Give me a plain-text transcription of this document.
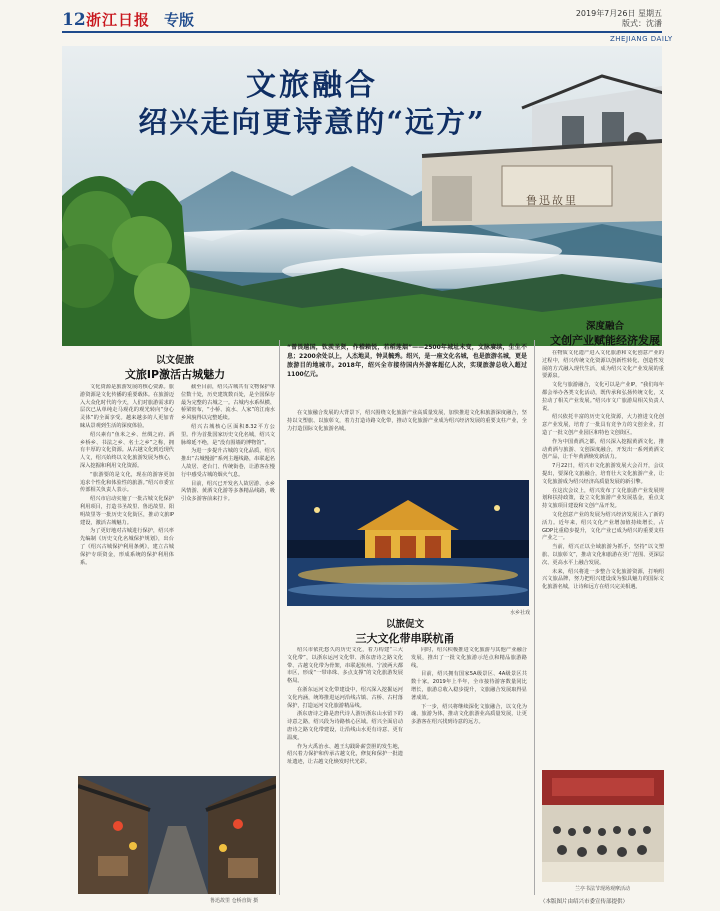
12 浙江日报 专版	2019年7月26日 星期五
版式：沈潘
ZHEJIANG DAILY
文旅融合
绍兴走向更诗意的“远方”
鲁迅故里
以文促旅
文旅IP激活古城魅力

文化资源是旅游发展的核心资源。旅游资源是文化传播的重要载体。在旅游迈入大众化时代的今天，人们对旅游需求的层次已从单纯走马观花的观光转向“身心灵体”的全面享受。越来越多的人更加青睐从景观到生活的深度体验。

绍兴素有“鱼米之乡、丝绸之府、酒乡桥乡、书法之乡、名士之乡”之称，拥有丰厚的文化资源。从古越文化到近现代人文，绍兴始终以文化旅游发展为核心，深入挖掘和利用文化资源。

“旅游要的是文化，现在的游客更加追求个性化和体验性的旅游。”绍兴市委宣传部相关负责人表示。

绍兴市启动实施了一批古城文化保护利用项目，打造书圣故里、鲁迅故里、阳明故里等一批历史文化街区，推动文旅IP建设，激活古城魅力。

为了更好地对古城进行保护，绍兴率先编制《历史文化名城保护规划》，出台了《绍兴古城保护利用条例》，建立古城保护专项资金，形成系统的保护利用体系。

截至目前，绍兴古城共有文物保护单位数十处，历史建筑数百处，是全国保存最为完整的古城之一。古城内水系纵横、桥梁密布，“小桥、流水、人家”的江南水乡风貌得以完整延续。

绍兴古城核心区面积8.32平方公里。作为首批国家历史文化名城，绍兴文脉绵延不绝，是“没有围墙的博物馆”。

为进一步提升古城的文化品质，绍兴推出“古城慢游”系列主题线路，串联起名人故居、老台门、传统街巷，让游客在慢行中感受古城的烟火气息。

目前，绍兴已开发名人故居游、水乡风情游、黄酒文化游等多条精品线路，吸引众多游客前来打卡。

鲁迅故里 仓桥直街 摄
“曾畏越国，钦羡圣贤，作稽赖悦，若稻莲烟”——2500年城址未变，文脉赓续，生生不息；2200余处以上，人杰地灵，钟灵毓秀。绍兴，是一座文化名城，也是旅游名城，更是旅游目的地城市。2018年，绍兴全市接待国内外游客超亿人次，实现旅游总收入超过1100亿元。

在文旅融合发展的大背景下，绍兴围绕文化旅游产业高质量发展，加快推进文化和旅游深度融合，坚持以文塑旅、以旅彰文，着力打造诗路文化带，推动文化旅游产业成为绍兴经济发展的重要支柱产业，全力打造国际文化旅游名城。

水乡社戏
以旅促文
三大文化带串联杭甬

绍兴市依托悠久的历史文化，着力构建“三大文化带”，以浙东运河文化带、浙东唐诗之路文化带、古越文化带为骨架，串联起杭州、宁波两大都市区，形成“一带串珠、多点支撑”的文化旅游发展格局。

在浙东运河文化带建设中，绍兴深入挖掘运河文化内涵，统筹推进运河沿线古镇、古桥、古村落保护，打造运河文化旅游精品线。

浙东唐诗之路是唐代诗人游历浙东山水留下的诗意之路，绍兴段为诗路核心区域。绍兴全面启动唐诗之路文化带建设，让沿线山水更有诗意、更有温度。

作为大禹治水、越王勾践卧薪尝胆的发生地，绍兴着力保护和传承古越文化，修复和保护一批遗址遗迹，让古越文化焕发时代光彩。

同时，绍兴积极推进文化旅游与其他产业融合发展，推出了一批文化旅游示范点和精品旅游路线。

目前，绍兴拥有国家5A级景区、4A级景区共数十家。2019年上半年，全市接待游客数量同比增长，旅游总收入稳步提升，文旅融合发展取得显著成效。

下一步，绍兴将继续深化文旅融合，以文化为魂、旅游为体，推动文化旅游业高质量发展，让更多游客在绍兴找到诗意的远方。

深度融合
文创产业赋能经济发展

在物质文化遗产进入文化旅游和文化创意产业的过程中，绍兴传统文化资源以创新性转化、创造性发展的方式融入现代生活，成为绍兴文化产业发展的重要源泉。

文化与旅游融合，文化可以是产业IP，“我们每年都会举办各类文化活动，既传承和弘扬传统文化，又拉动了相关产业发展。”绍兴市文广旅游局相关负责人说。

绍兴依托丰富的历史文化资源，大力推进文化创意产业发展，培育了一批具有竞争力的文创企业，打造了一批文创产业园区和特色文创街区。

作为中国黄酒之都，绍兴深入挖掘黄酒文化，推动黄酒与旅游、文创深度融合，开发出一系列黄酒文创产品，让千年黄酒焕发新活力。

7月22日，绍兴市文化旅游发展大会召开，会议提出，要深化文旅融合，培育壮大文化旅游产业，让文化旅游成为绍兴经济高质量发展的新引擎。

在这次会议上，绍兴发布了文化旅游产业发展规划和扶持政策，设立文化旅游产业发展基金，重点支持文旅项目建设和文创产品开发。

文化创意产业的发展为绍兴经济发展注入了新的活力。近年来，绍兴文化产业增加值持续增长，占GDP比重稳步提升，文化产业已成为绍兴的重要支柱产业之一。

当前，绍兴正以全域旅游为抓手，坚持“以文塑旅、以旅彰文”，推动文化和旅游在更广范围、更深层次、更高水平上融合发展。

未来，绍兴将进一步整合文化旅游资源，打响绍兴文旅品牌，努力把绍兴建设成为独具魅力的国际文化旅游名城，让诗和远方在绍兴完美相遇。

兰亭书法节现场观摩活动
（本版图片由绍兴市委宣传部提供）
